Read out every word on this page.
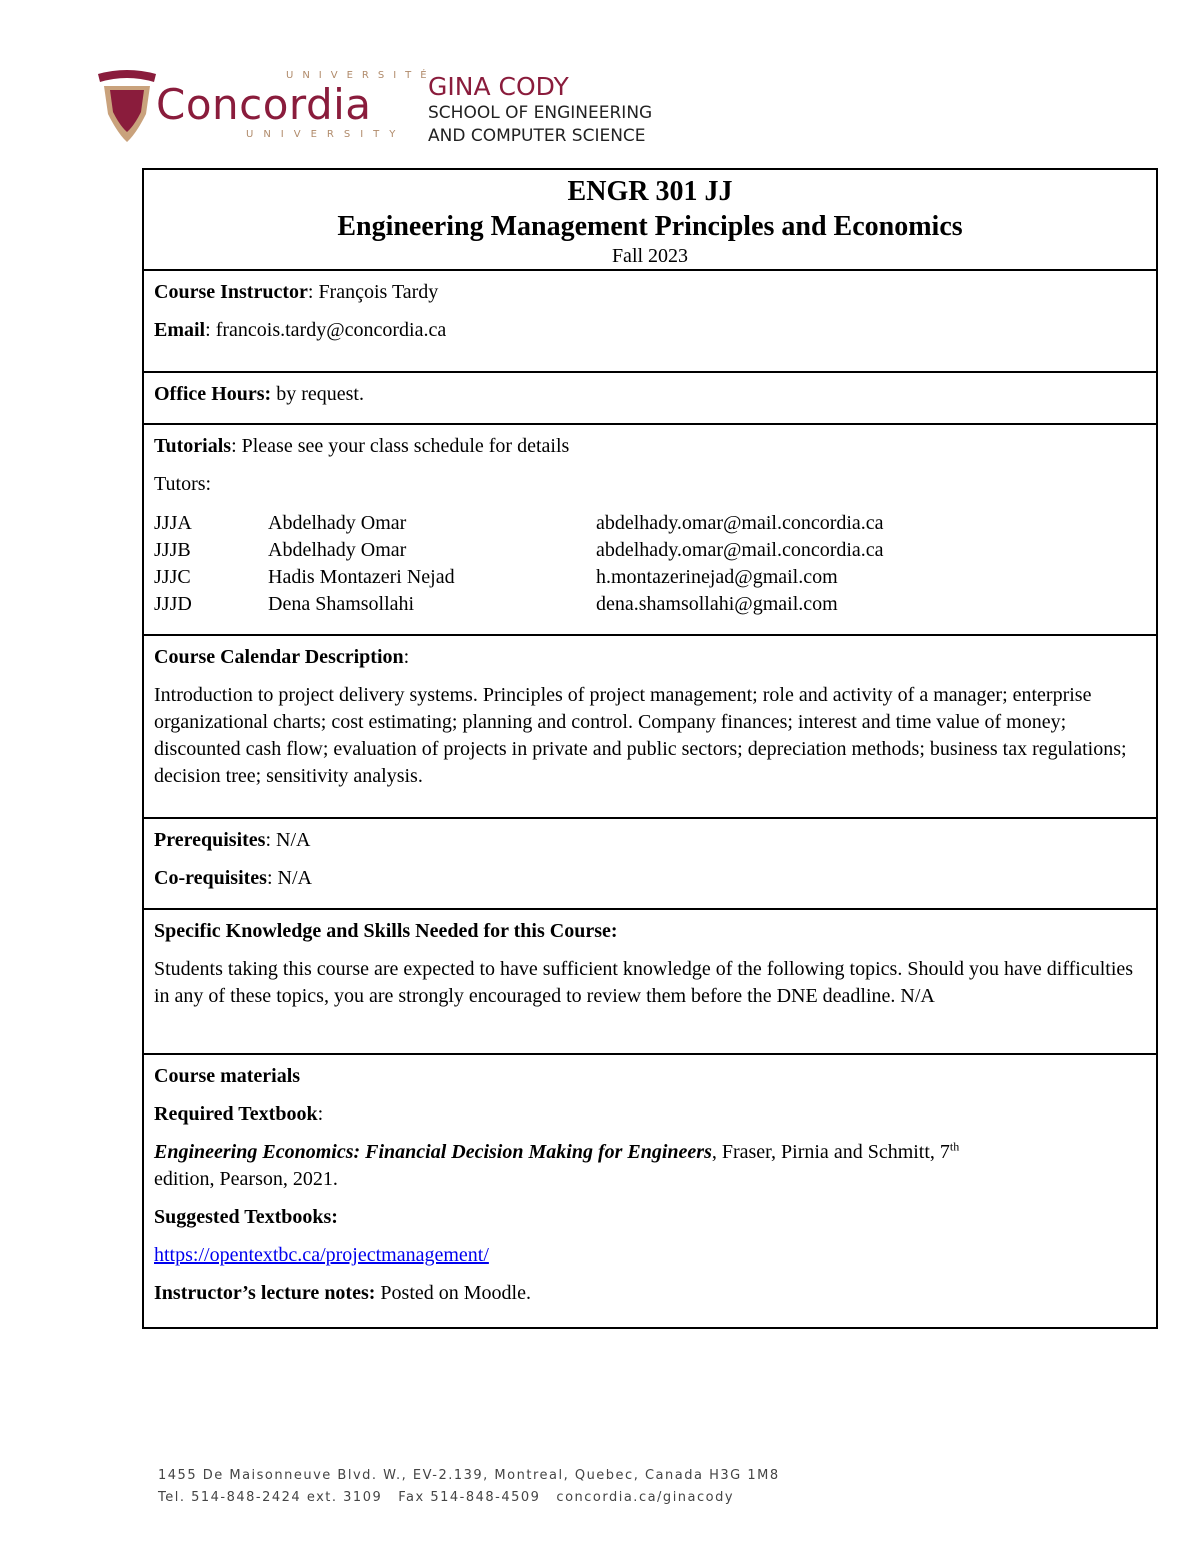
UNIVERSITÉ
Concordia
UNIVERSITY
GINA CODY
SCHOOL OF ENGINEERING
AND COMPUTER SCIENCE
ENGR 301 JJ
Engineering Management Principles and Economics
Fall 2023

Course Instructor: François Tardy

Email: francois.tardy@concordia.ca

Office Hours: by request.

Tutorials: Please see your class schedule for details

Tutors:

JJJA	Abdelhady Omar	abdelhady.omar@mail.concordia.ca
JJJB	Abdelhady Omar	abdelhady.omar@mail.concordia.ca
JJJC	Hadis Montazeri Nejad	h.montazerinejad@gmail.com
JJJD	Dena Shamsollahi	dena.shamsollahi@gmail.com

Course Calendar Description:

Introduction to project delivery systems. Principles of project management; role and activity of a manager; enterprise organizational charts; cost estimating; planning and control. Company finances; interest and time value of money; discounted cash flow; evaluation of projects in private and public sectors; depreciation methods; business tax regulations; decision tree; sensitivity analysis.

Prerequisites: N/A

Co-requisites: N/A

Specific Knowledge and Skills Needed for this Course:

Students taking this course are expected to have sufficient knowledge of the following topics. Should you have difficulties in any of these topics, you are strongly encouraged to review them before the DNE deadline. N/A

Course materials

Required Textbook:

Engineering Economics: Financial Decision Making for Engineers, Fraser, Pirnia and Schmitt, 7th
edition, Pearson, 2021.

Suggested Textbooks:

https://opentextbc.ca/projectmanagement/

Instructor’s lecture notes: Posted on Moodle.

1455 De Maisonneuve Blvd. W., EV-2.139, Montreal, Quebec, Canada H3G 1M8
Tel. 514-848-2424 ext. 3109 Fax 514-848-4509 concordia.ca/ginacody
